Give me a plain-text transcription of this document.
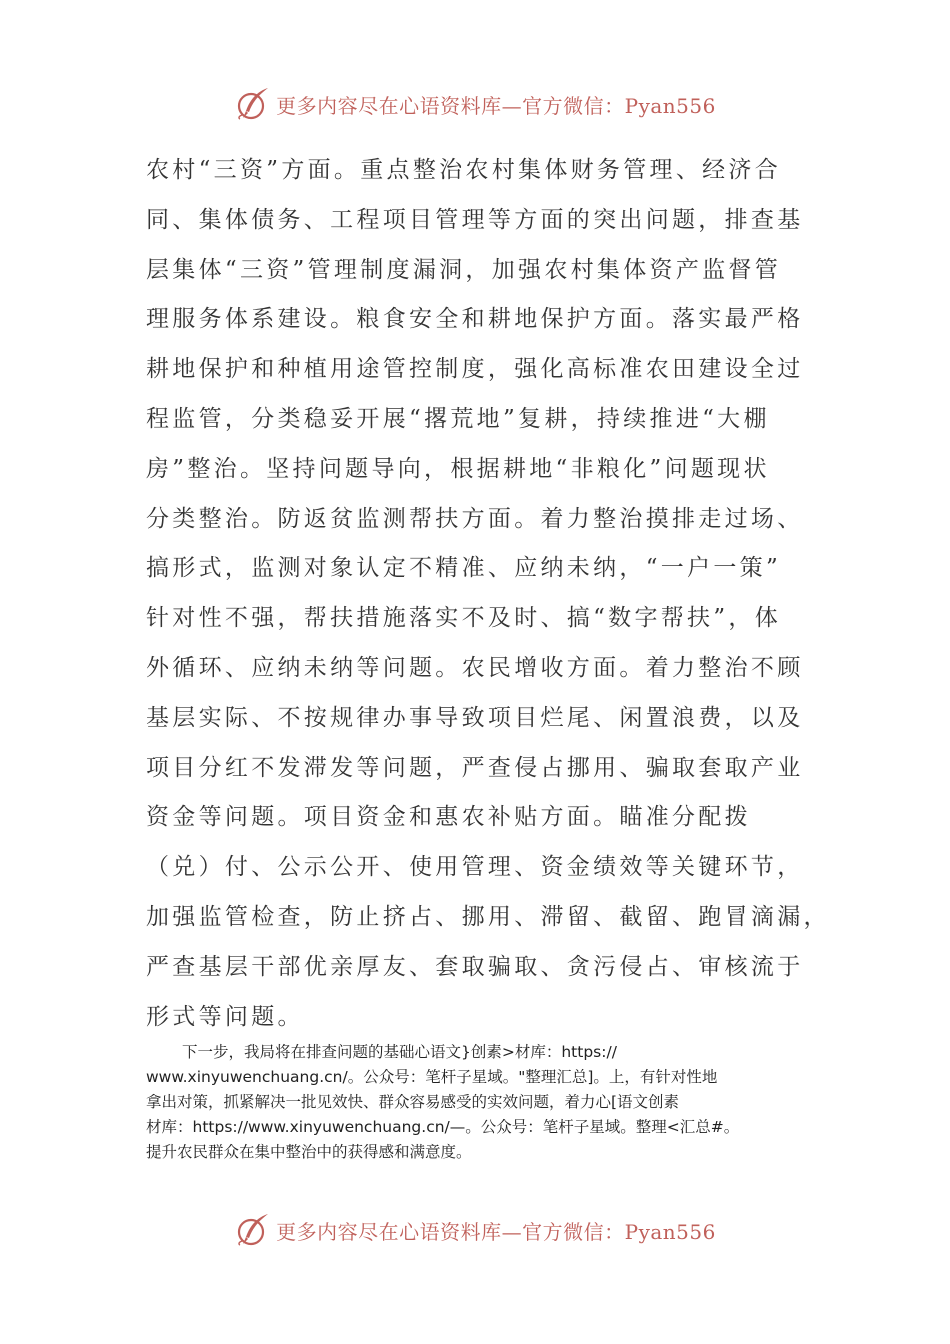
更多内容尽在心语资料库—官方微信：Pyan556
农村“三资”方面。重点整治农村集体财务管理、经济合
同、集体债务、工程项目管理等方面的突出问题，排查基
层集体“三资”管理制度漏洞，加强农村集体资产监督管
理服务体系建设。粮食安全和耕地保护方面。落实最严格
耕地保护和种植用途管控制度，强化高标准农田建设全过
程监管，分类稳妥开展“撂荒地”复耕，持续推进“大棚
房”整治。坚持问题导向，根据耕地“非粮化”问题现状
分类整治。防返贫监测帮扶方面。着力整治摸排走过场、
搞形式，监测对象认定不精准、应纳未纳，“一户一策”
针对性不强，帮扶措施落实不及时、搞“数字帮扶”，体
外循环、应纳未纳等问题。农民增收方面。着力整治不顾
基层实际、不按规律办事导致项目烂尾、闲置浪费，以及
项目分红不发滞发等问题，严查侵占挪用、骗取套取产业
资金等问题。项目资金和惠农补贴方面。瞄准分配拨
（兑）付、公示公开、使用管理、资金绩效等关键环节，
加强监管检查，防止挤占、挪用、滞留、截留、跑冒滴漏，
严查基层干部优亲厚友、套取骗取、贪污侵占、审核流于
形式等问题。
下一步，我局将在排查问题的基础心语文}创素>材库：https://
www.xinyuwenchuang.cn/。公众号：笔杆子星域。"整理汇总]。上，有针对性地
拿出对策，抓紧解决一批见效快、群众容易感受的实效问题，着力心[语文创素
材库：https://www.xinyuwenchuang.cn/—。公众号：笔杆子星域。整理<汇总#。
提升农民群众在集中整治中的获得感和满意度。
更多内容尽在心语资料库—官方微信：Pyan556
